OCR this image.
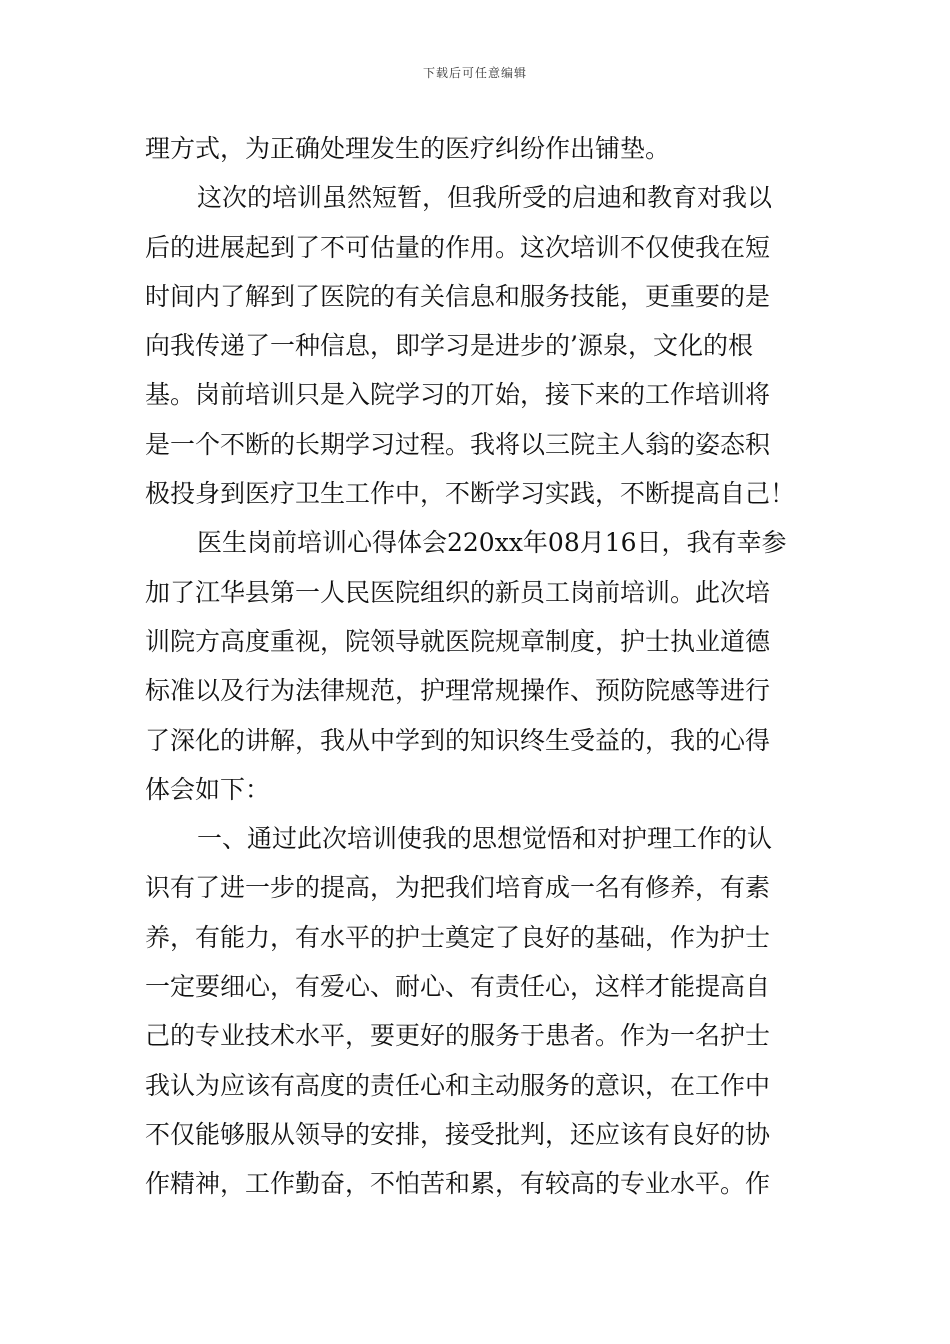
下载后可任意编辑
理方式，为正确处理发生的医疗纠纷作出铺垫。
这次的培训虽然短暂，但我所受的启迪和教育对我以
后的进展起到了不可估量的作用。这次培训不仅使我在短
时间内了解到了医院的有关信息和服务技能，更重要的是
向我传递了一种信息，即学习是进步的’源泉，文化的根
基。岗前培训只是入院学习的丌始，接下来的工作培训将
是一个不断的长期学习过程。我将以三院主人翁的姿态积
极投身到医疗卫生工作中，不断学习实践，不断提高自己！
医生岗前培训心得体会220xx年08月16日，我有幸参
加了江华县第一人民医院组织的新员工岗前培训。此次培
训院方高度重视，院领导就医院规章制度，护士执业道德
标准以及行为法律规范，护理常规操作、预防院感等进行
了深化的讲解，我从中学到的知识终生受益的，我的心得
体会如下：
一、通过此次培训使我的思想觉悟和对护理工作的认
识有了进一步的提高，为把我们培育成一名有修养，有素
养，有能力，有水平的护士奠定了良好的基础，作为护士
一定要细心，有爱心、耐心、有责任心，这样才能提高自
己的专业技术水平，要更好的服务于患者。作为一名护士
我认为应该有高度的责任心和主动服务的意识，在工作中
不仅能够服从领导的安排，接受批判，还应该有良好的协
作精神，工作勤奋，不怕苦和累，有较高的专业水平。作
